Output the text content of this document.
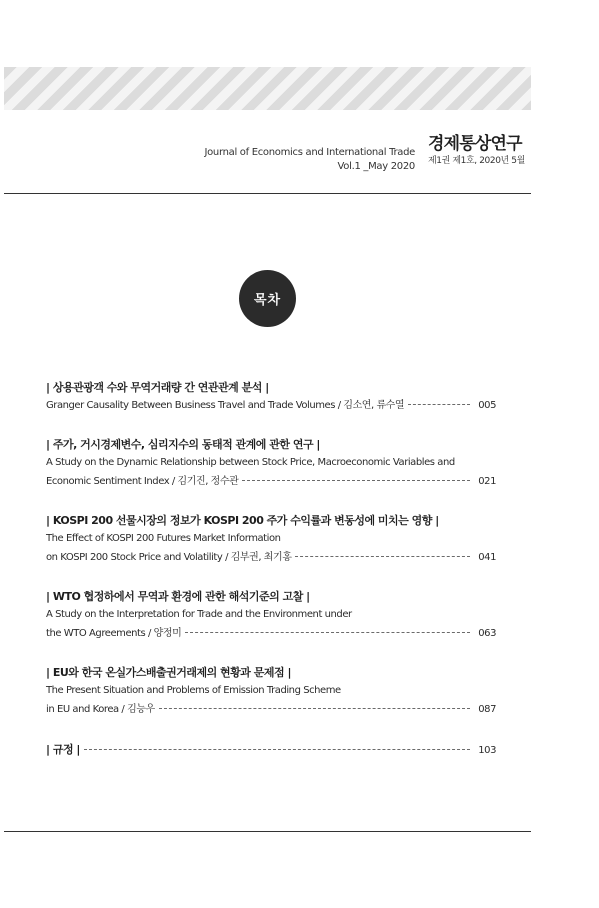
Journal of Economics and International Trade
Vol.1 _May 2020
경제통상연구
제1권 제1호, 2020년 5월
목차
| 상용관광객 수와 무역거래량 간 연관관계 분석 |
Granger Causality Between Business Travel and Trade Volumes / 김소연, 류수열	005
| 주가, 거시경제변수, 심리지수의 동태적 관계에 관한 연구 |
A Study on the Dynamic Relationship between Stock Price, Macroeconomic Variables and
Economic Sentiment Index / 김기진, 정수관	021
| KOSPI 200 선물시장의 정보가 KOSPI 200 주가 수익률과 변동성에 미치는 영향 |
The Effect of KOSPI 200 Futures Market Information
on KOSPI 200 Stock Price and Volatility / 김부권, 최기홍	041
| WTO 협정하에서 무역과 환경에 관한 해석기준의 고찰 |
A Study on the Interpretation for Trade and the Environment under
the WTO Agreements / 양정미	063
| EU와 한국 온실가스배출권거래제의 현황과 문제점 |
The Present Situation and Problems of Emission Trading Scheme
in EU and Korea / 김능우	087
| 규정 |	103
